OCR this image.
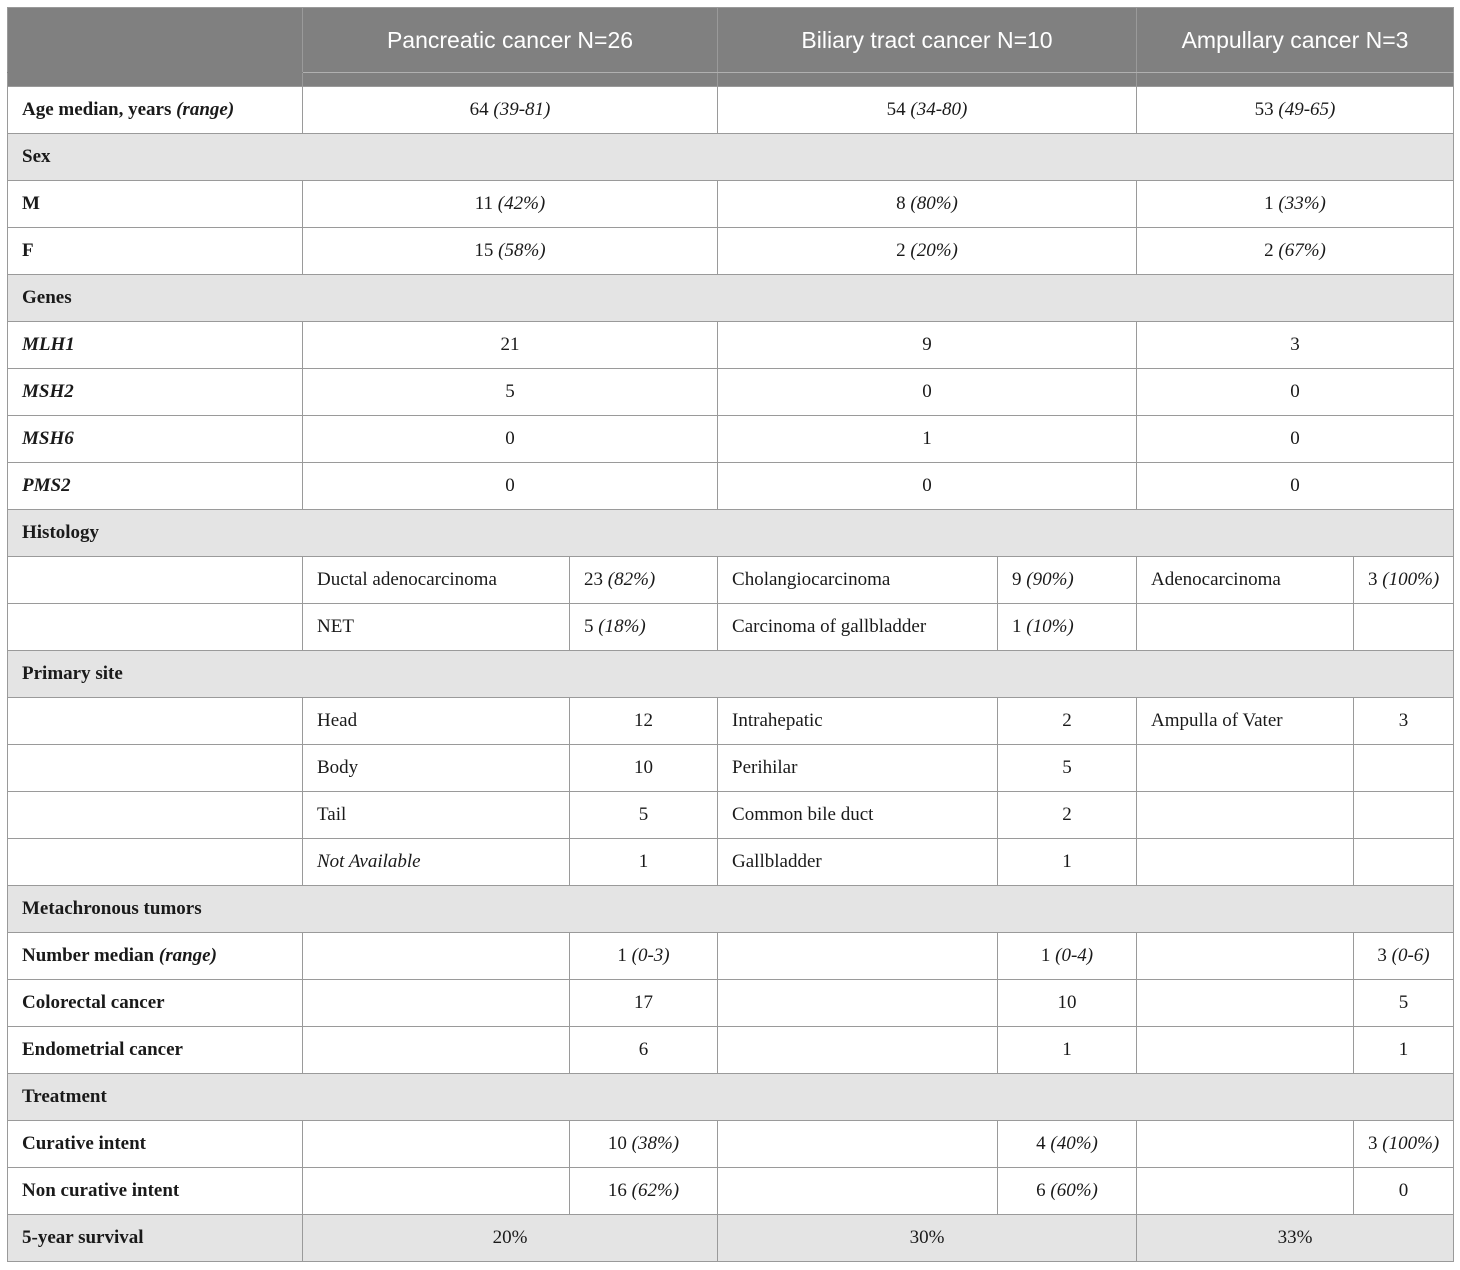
	Pancreatic cancer N=26		Biliary tract cancer N=10		Ampullary cancer N=3	

Age median, years (range)	64 (39-81)		54 (34-80)		53 (49-65)	
Sex						
M	11 (42%)		8 (80%)		1 (33%)	
F	15 (58%)		2 (20%)		2 (67%)	
Genes						
MLH1	21		9		3	
MSH2	5		0		0	
MSH6	0		1		0	
PMS2	0		0		0	
Histology						
	Ductal adenocarcinoma	23 (82%)	Cholangiocarcinoma	9 (90%)	Adenocarcinoma	3 (100%)
	NET	5 (18%)	Carcinoma of gallbladder	1 (10%)		
Primary site						
	Head	12	Intrahepatic	2	Ampulla of Vater	3
	Body	10	Perihilar	5		
	Tail	5	Common bile duct	2		
	Not Available	1	Gallbladder	1		
Metachronous tumors						
Number median (range)		1 (0-3)		1 (0-4)		3 (0-6)
Colorectal cancer		17		10		5
Endometrial cancer		6		1		1
Treatment						
Curative intent		10 (38%)		4 (40%)		3 (100%)
Non curative intent		16 (62%)		6 (60%)		0
5-year survival	20%		30%		33%	
